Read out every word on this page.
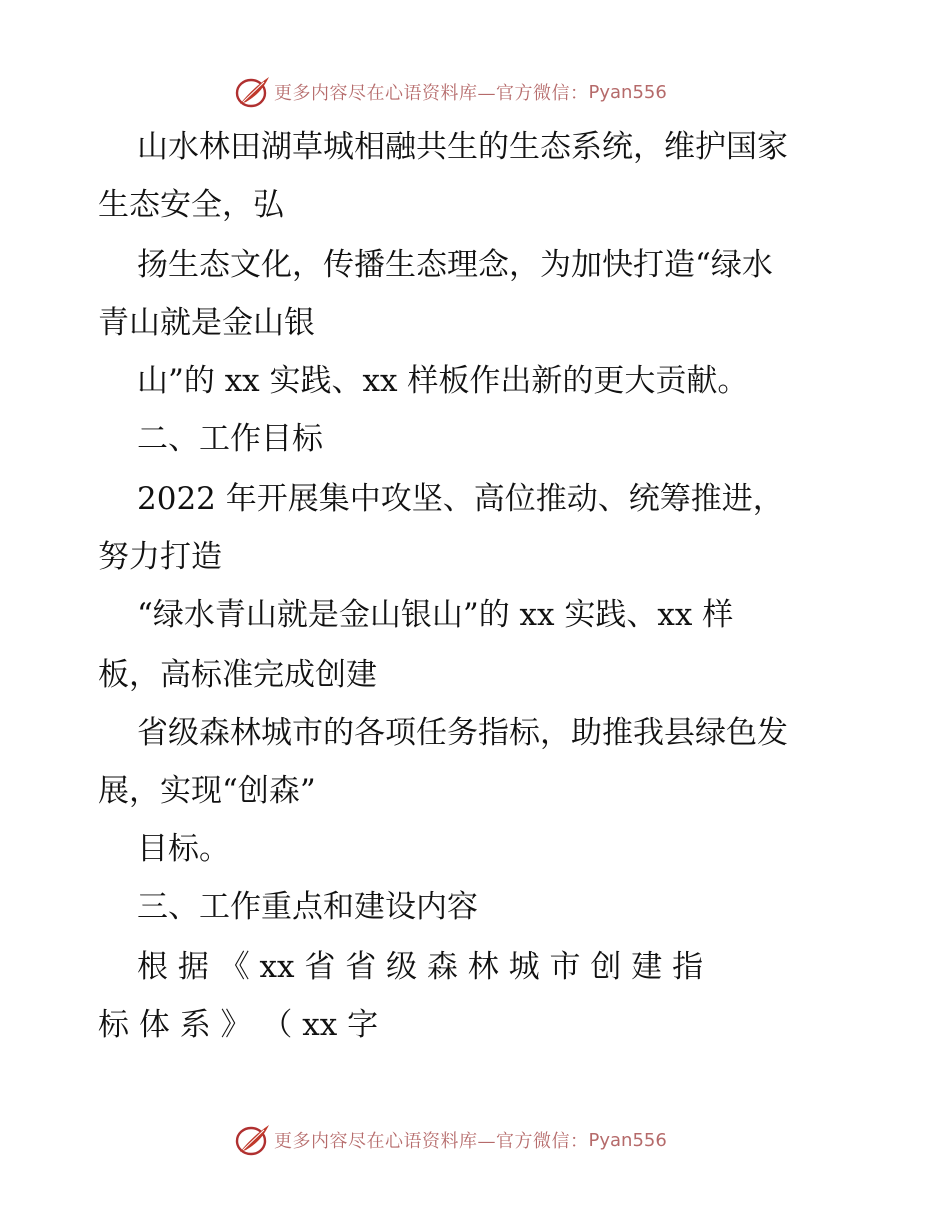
更多内容尽在心语资料库—官方微信： Pyan556
山水林田湖草城相融共生的生态系统，维护国家
生态安全，弘
扬生态文化，传播生态理念，为加快打造“绿水
青山就是金山银
山”的 xx 实践、xx 样板作出新的更大贡献。
二、工作目标
2022 年开展集中攻坚、高位推动、统筹推进，
努力打造
“绿水青山就是金山银山”的 xx 实践、xx 样
板，高标准完成创建
省级森林城市的各项任务指标，助推我县绿色发
展，实现“创森”
目标。
三、工作重点和建设内容
根 据 《 xx 省 省 级 森 林 城 市 创 建 指
标 体 系 》 （ xx 字
更多内容尽在心语资料库—官方微信： Pyan556
